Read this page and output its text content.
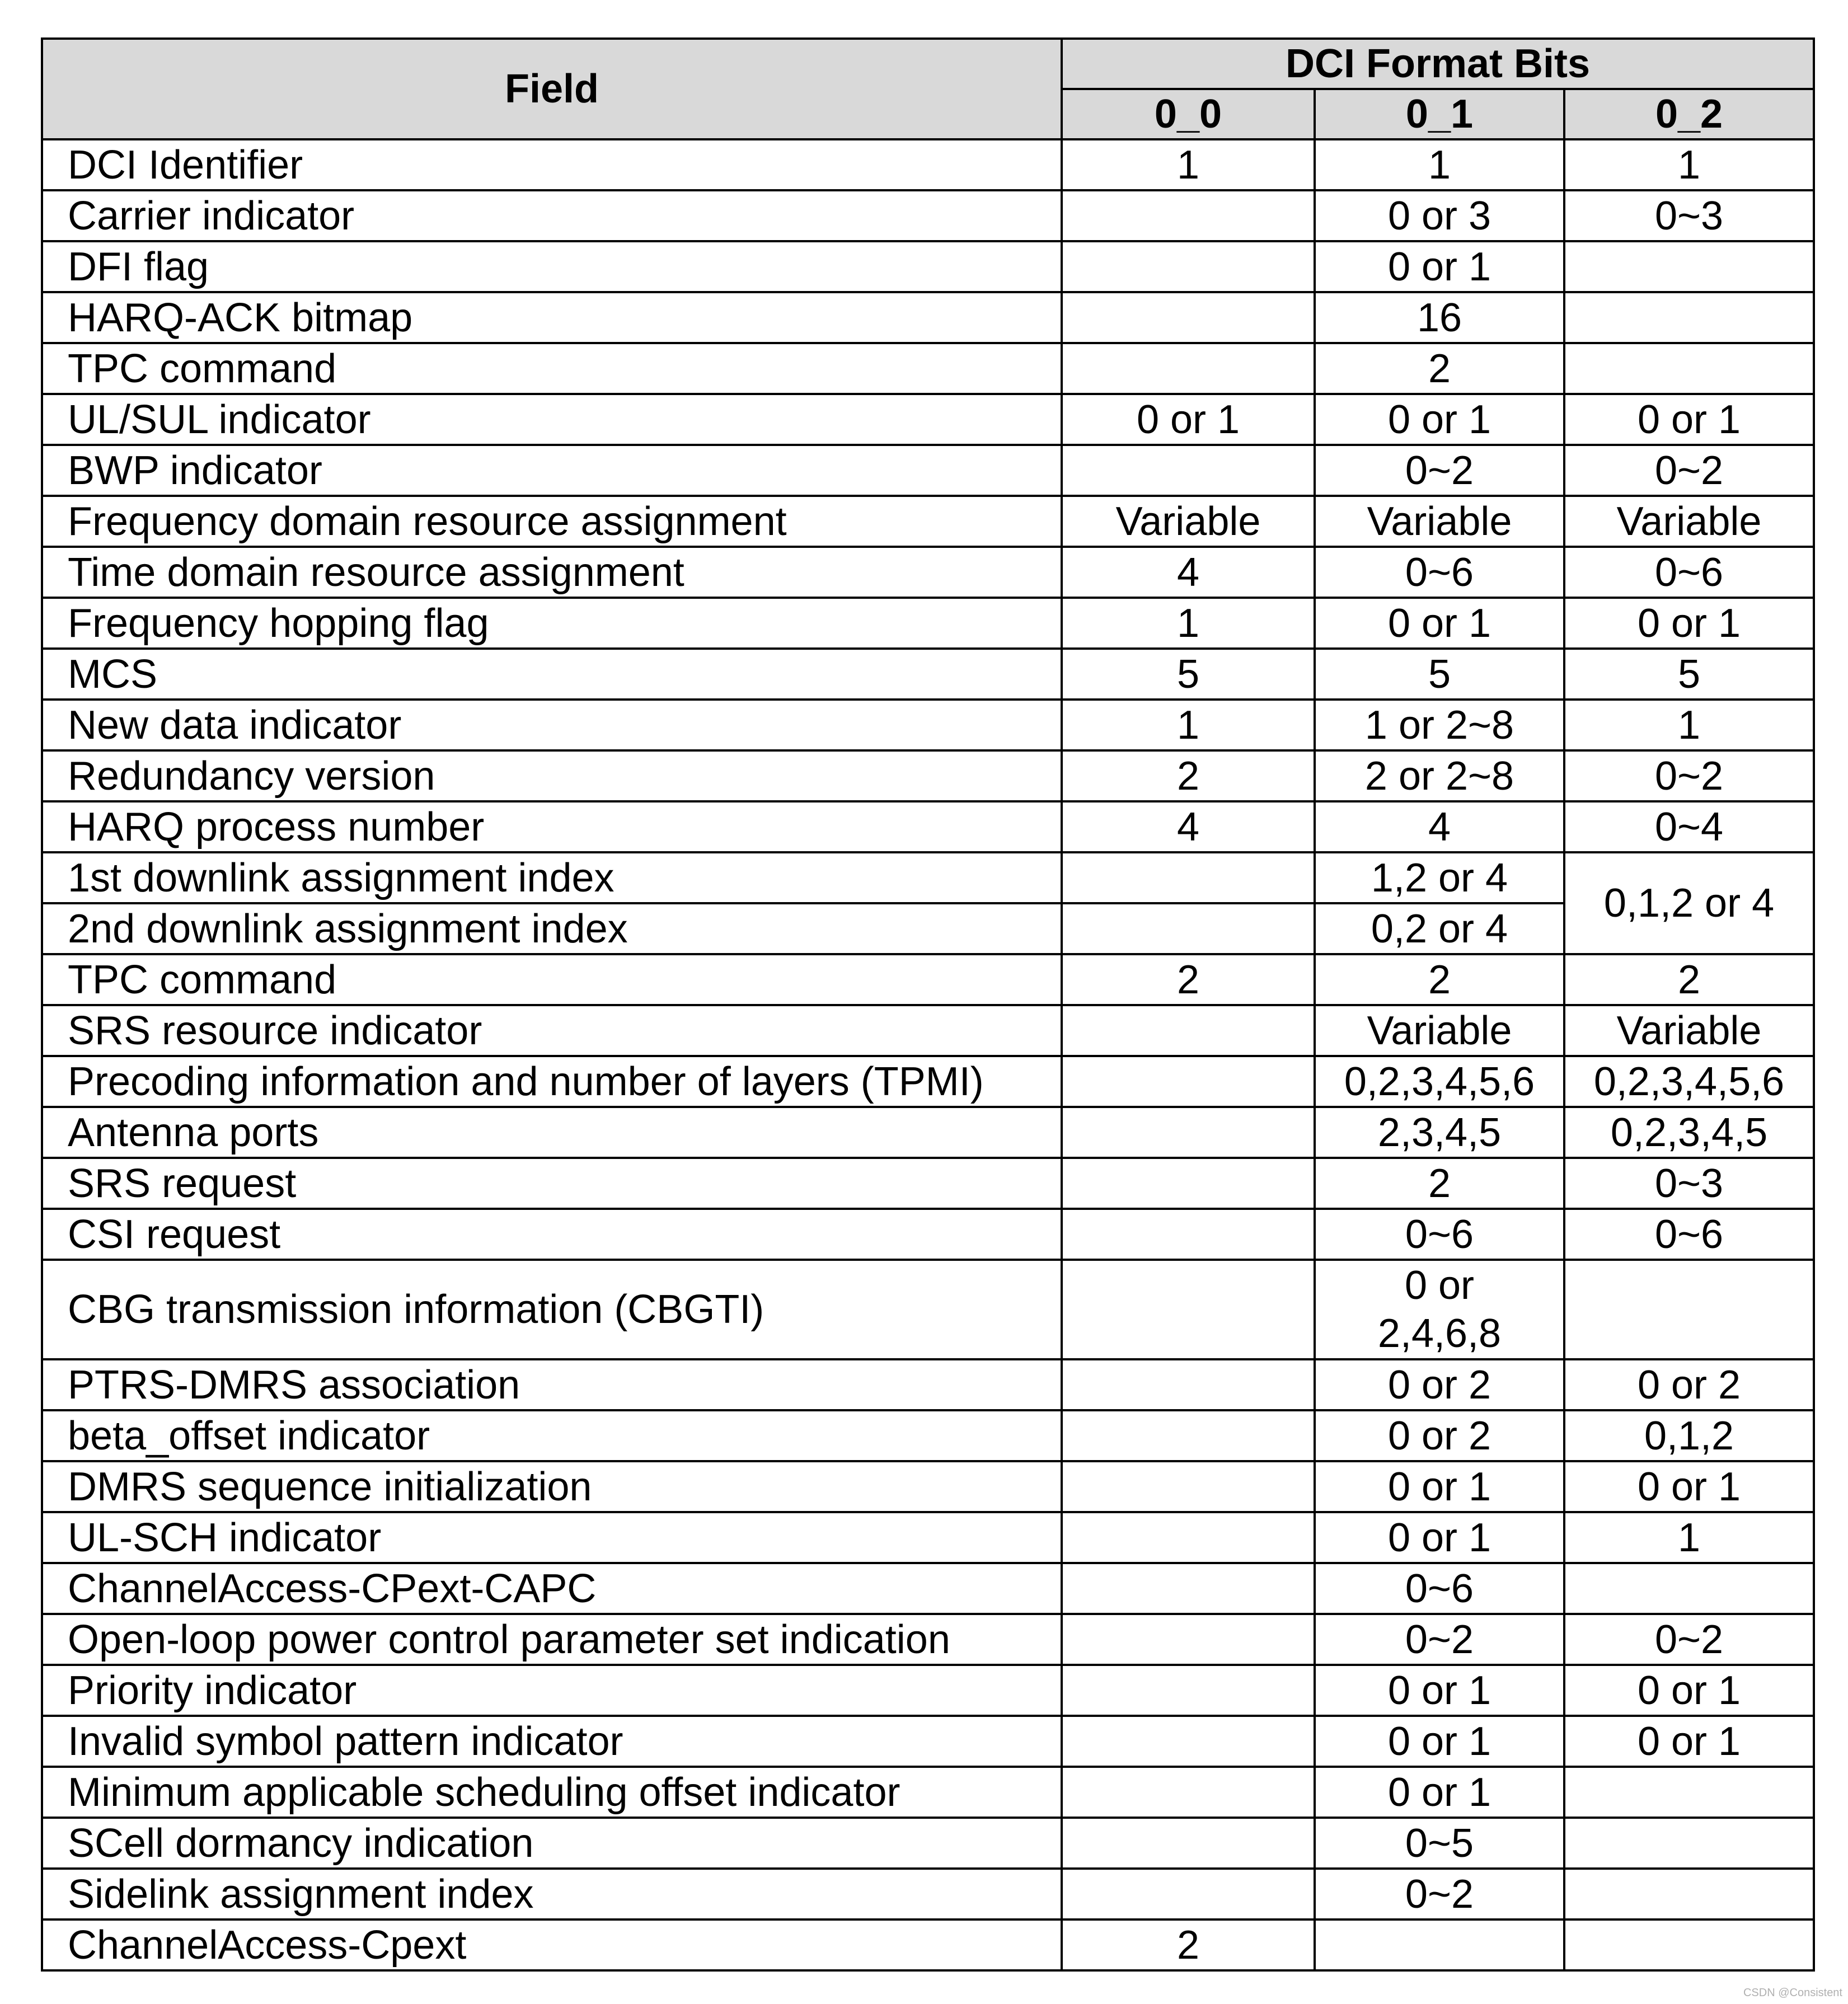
Field	DCI Format Bits		
	0_0	0_1	0_2
DCI Identifier	1	1	1
Carrier indicator		0 or 3	0~3
DFI flag		0 or 1	
HARQ-ACK bitmap		16	
TPC command		2	
UL/SUL indicator	0 or 1	0 or 1	0 or 1
BWP indicator		0~2	0~2
Frequency domain resource assignment	Variable	Variable	Variable
Time domain resource assignment	4	0~6	0~6
Frequency hopping flag	1	0 or 1	0 or 1
MCS	5	5	5
New data indicator	1	1 or 2~8	1
Redundancy version	2	2 or 2~8	0~2
HARQ process number	4	4	0~4
1st downlink assignment index		1,2 or 4	0,1,2 or 4
2nd downlink assignment index		0,2 or 4	
TPC command	2	2	2
SRS resource indicator		Variable	Variable
Precoding information and number of layers (TPMI)		0,2,3,4,5,6	0,2,3,4,5,6
Antenna ports		2,3,4,5	0,2,3,4,5
SRS request		2	0~3
CSI request		0~6	0~6
CBG transmission information (CBGTI)		0 or
2,4,6,8	
PTRS-DMRS association		0 or 2	0 or 2
beta_offset indicator		0 or 2	0,1,2
DMRS sequence initialization		0 or 1	0 or 1
UL-SCH indicator		0 or 1	1
ChannelAccess-CPext-CAPC		0~6	
Open-loop power control parameter set indication		0~2	0~2
Priority indicator		0 or 1	0 or 1
Invalid symbol pattern indicator		0 or 1	0 or 1
Minimum applicable scheduling offset indicator		0 or 1	
SCell dormancy indication		0~5	
Sidelink assignment index		0~2	
ChannelAccess-Cpext	2		
CSDN @Consistent
